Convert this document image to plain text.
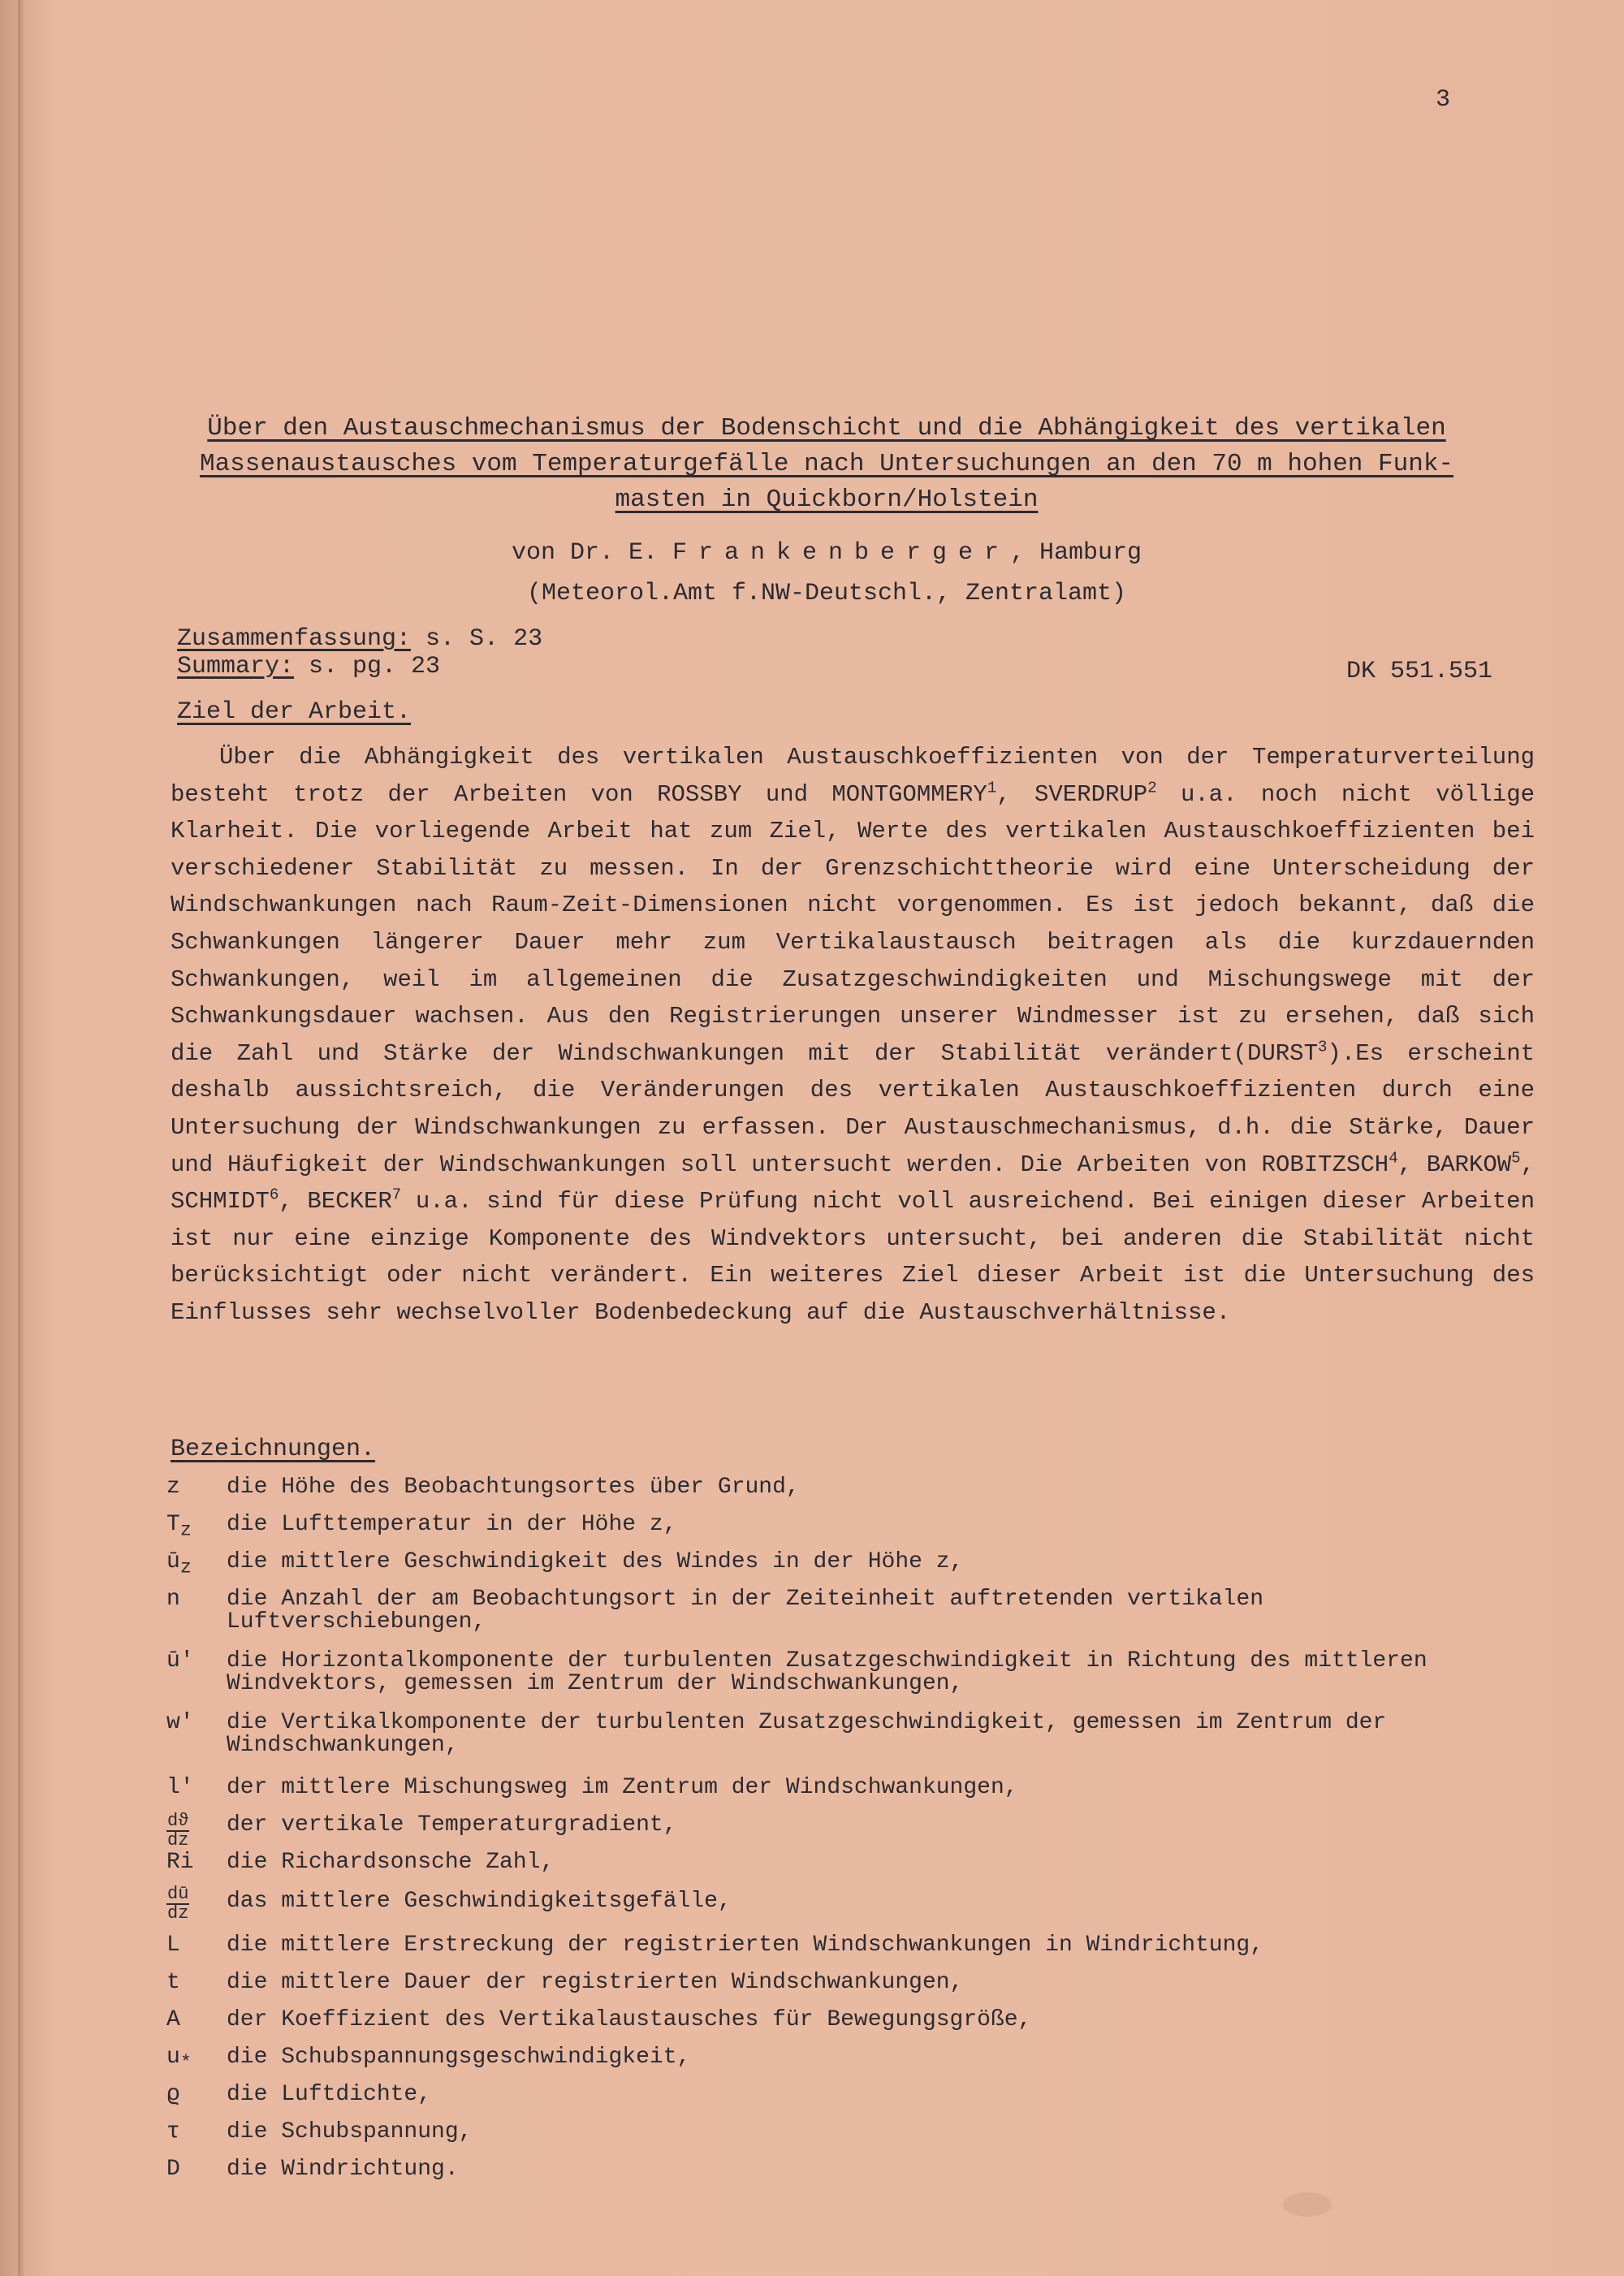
3
Über den Austauschmechanismus der Bodenschicht und die Abhängigkeit des vertikalen
Massenaustausches vom Temperaturgefälle nach Untersuchungen an den 70 m hohen Funk-
masten in Quickborn/Holstein
von Dr. E. Frankenberger, Hamburg
(Meteorol.Amt f.NW-Deutschl., Zentralamt)
Zusammenfassung: s. S. 23
Summary: s. pg. 23	DK 551.551
Ziel der Arbeit.
Über die Abhängigkeit des vertikalen Austauschkoeffizienten von der Temperaturverteilung besteht trotz der Arbeiten von ROSSBY und MONTGOMMERY$^1$, SVERDRUP$^2$ u.a. noch nicht völlige Klarheit. Die vorliegende Arbeit hat zum Ziel, Werte des vertikalen Austauschkoeffizienten bei verschiedener Stabilität zu messen. In der Grenzschichttheorie wird eine Unterscheidung der Windschwankungen nach Raum-Zeit-Dimensionen nicht vorgenommen. Es ist jedoch bekannt, daß die Schwankungen längerer Dauer mehr zum Vertikalaustausch beitragen als die kurzdauernden Schwankungen, weil im allgemeinen die Zusatzgeschwindigkeiten und Mischungswege mit der Schwankungsdauer wachsen. Aus den Registrierungen unserer Windmesser ist zu ersehen, daß sich die Zahl und Stärke der Windschwankungen mit der Stabilität verändert(DURST$^3$).Es erscheint deshalb aussichtsreich, die Veränderungen des vertikalen Austauschkoeffizienten durch eine Untersuchung der Windschwankungen zu erfassen. Der Austauschmechanismus, d.h. die Stärke, Dauer und Häufigkeit der Windschwankungen soll untersucht werden. Die Arbeiten von ROBITZSCH$^4$, BARKOW$^5$, SCHMIDT$^6$, BECKER$^7$ u.a. sind für diese Prüfung nicht voll ausreichend. Bei einigen dieser Arbeiten ist nur eine einzige Komponente des Windvektors untersucht, bei anderen die Stabilität nicht berücksichtigt oder nicht verändert. Ein weiteres Ziel dieser Arbeit ist die Untersuchung des Einflusses sehr wechselvoller Bodenbedeckung auf die Austauschverhältnisse.
Bezeichnungen.
z	die Höhe des Beobachtungsortes über Grund,
$T_z$	die Lufttemperatur in der Höhe z,
$ū_z$	die mittlere Geschwindigkeit des Windes in der Höhe z,
n	die Anzahl der am Beobachtungsort in der Zeiteinheit auftretenden vertikalen Luftverschiebungen,
ū'	die Horizontalkomponente der turbulenten Zusatzgeschwindigkeit in Richtung des mittleren Windvektors, gemessen im Zentrum der Windschwankungen,
w'	die Vertikalkomponente der turbulenten Zusatzgeschwindigkeit, gemessen im Zentrum der Windschwankungen,
l'	der mittlere Mischungsweg im Zentrum der Windschwankungen,
$\frac{dϑ}{dz}$ der vertikale Temperaturgradient,
Ri	die Richardsonsche Zahl,
$\frac{dū}{dz}$ das mittlere Geschwindigkeitsgefälle,
L	die mittlere Erstreckung der registrierten Windschwankungen in Windrichtung,
t	die mittlere Dauer der registrierten Windschwankungen,
A	der Koeffizient des Vertikalaustausches für Bewegungsgröße,
$u_*$	die Schubspannungsgeschwindigkeit,
ϱ	die Luftdichte,
τ	die Schubspannung,
D	die Windrichtung.
